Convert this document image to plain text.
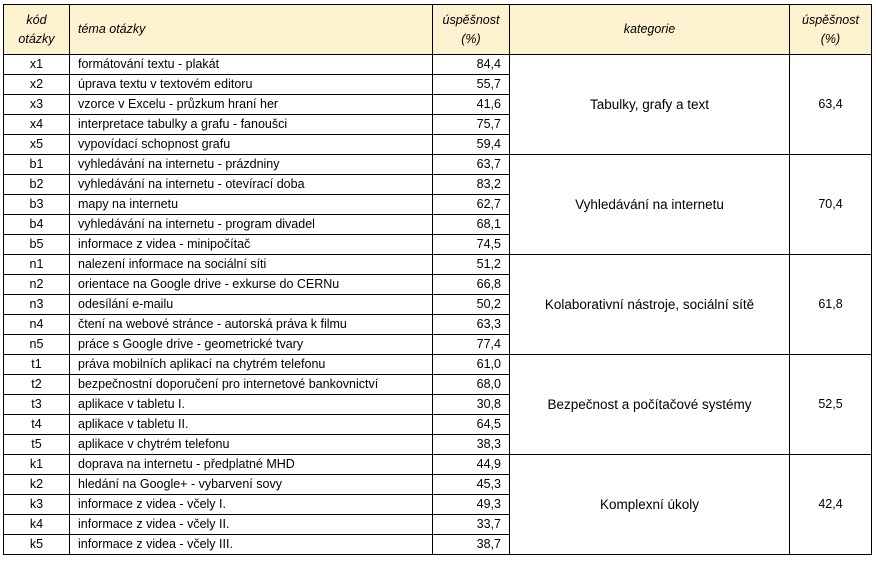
kód otázky	téma otázky	úspěšnost (%)	kategorie	úspěšnost (%)
x1	formátování textu - plakát	84,4	Tabulky, grafy a text	63,4
x2	úprava textu v textovém editoru	55,7		
x3	vzorce v Excelu - průzkum hraní her	41,6		
x4	interpretace tabulky a grafu - fanoušci	75,7		
x5	vypovídací schopnost grafu	59,4		
b1	vyhledávání na internetu - prázdniny	63,7	Vyhledávání na internetu	70,4
b2	vyhledávání na internetu - otevírací doba	83,2		
b3	mapy na internetu	62,7		
b4	vyhledávání na internetu - program divadel	68,1		
b5	informace z videa - minipočítač	74,5		
n1	nalezení informace na sociální síti	51,2	Kolaborativní nástroje, sociální sítě	61,8
n2	orientace na Google drive - exkurse do CERNu	66,8		
n3	odesílání e-mailu	50,2		
n4	čtení na webové stránce - autorská práva k filmu	63,3		
n5	práce s Google drive - geometrické tvary	77,4		
t1	práva mobilních aplikací na chytrém telefonu	61,0	Bezpečnost a počítačové systémy	52,5
t2	bezpečnostní doporučení pro internetové bankovnictví	68,0		
t3	aplikace v tabletu I.	30,8		
t4	aplikace v tabletu II.	64,5		
t5	aplikace v chytrém telefonu	38,3		
k1	doprava na internetu - předplatné MHD	44,9	Komplexní úkoly	42,4
k2	hledání na Google+ - vybarvení sovy	45,3		
k3	informace z videa - včely I.	49,3		
k4	informace z videa - včely II.	33,7		
k5	informace z videa - včely III.	38,7		
